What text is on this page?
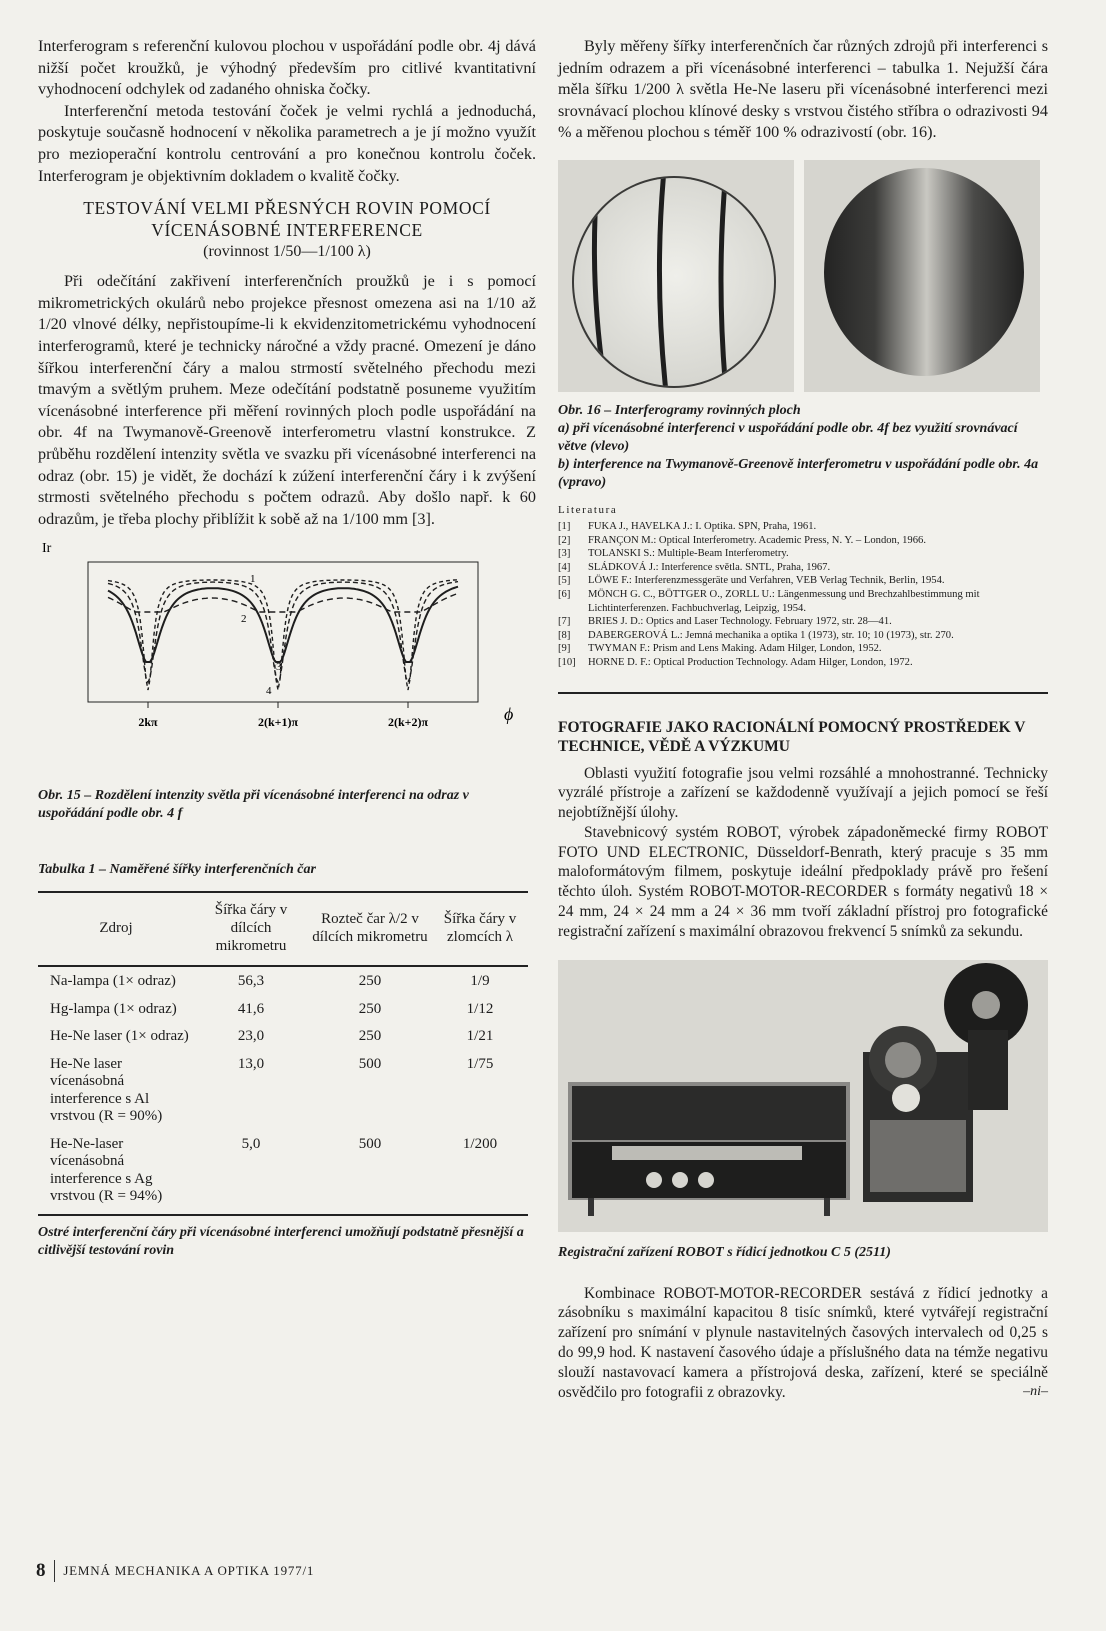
Interferogram s referenční kulovou plochou v uspořádání podle obr. 4j dává nižší počet kroužků, je výhodný především pro citlivé kvantitativní vyhodnocení odchylek od zadaného ohniska čočky.

Interferenční metoda testování čoček je velmi rychlá a jednoduchá, poskytuje současně hodnocení v několika parametrech a je jí možno využít pro mezioperační kontrolu centrování a pro konečnou kontrolu čoček. Interferogram je objektivním dokladem o kvalitě čočky.

TESTOVÁNÍ VELMI PŘESNÝCH ROVIN POMOCÍ
VÍCENÁSOBNÉ INTERFERENCE
(rovinnost 1/50—1/100 λ)

Při odečítání zakřivení interferenčních proužků je i s pomocí mikrometrických okulárů nebo projekce přesnost omezena asi na 1/10 až 1/20 vlnové délky, nepřistoupíme-li k ekvidenzitometrickému vyhodnocení interferogramů, které je technicky náročné a vždy pracné. Omezení je dáno šířkou interferenční čáry a malou strmostí světelného přechodu mezi tmavým a světlým pruhem. Meze odečítání podstatně posuneme využitím vícenásobné interference při měření rovinných ploch podle uspořádání na obr. 4f na Twymanově-Greenově interferometru vlastní konstrukce. Z průběhu rozdělení intenzity světla ve svazku při vícenásobné interferenci na odraz (obr. 15) je vidět, že dochází k zúžení interferenční čáry i k zvýšení strmosti světelného přechodu s počtem odrazů. Aby došlo např. k 60 odrazům, je třeba plochy přiblížit k sobě až na 1/100 mm [3].

Ir
ϕ
2kπ	2(k+1)π	2(k+2)π
1
2
3
4
Obr. 15 – Rozdělení intenzity světla při vícenásobné interferenci na odraz v uspořádání podle obr. 4 f
Tabulka 1 – Naměřené šířky interferenčních čar
Zdroj	Šířka čáry v dílcích mikrometru	Rozteč čar λ/2 v dílcích mikrometru	Šířka čáry v zlomcích λ
Na-lampa (1× odraz)	56,3	250	1/9
Hg-lampa (1× odraz)	41,6	250	1/12
He-Ne laser (1× odraz)	23,0	250	1/21
He-Ne laser vícenásobná interference s Al vrstvou (R = 90%)	13,0	500	1/75
He-Ne-laser vícenásobná interference s Ag vrstvou (R = 94%)	5,0	500	1/200
Ostré interferenční čáry při vícenásobné interferenci umožňují podstatně přesnější a citlivější testování rovin

Byly měřeny šířky interferenčních čar různých zdrojů při interferenci s jedním odrazem a při vícenásobné interferenci – tabulka 1. Nejužší čára měla šířku 1/200 λ světla He-Ne laseru při vícenásobné interferenci mezi srovnávací plochou klínové desky s vrstvou čistého stříbra o odrazivosti 94 % a měřenou plochou s téměř 100 % odrazivostí (obr. 16).

Obr. 16 – Interferogramy rovinných ploch
a) při vícenásobné interferenci v uspořádání podle obr. 4f bez využití srovnávací větve (vlevo)
b) interference na Twymanově-Greenově interferometru v uspořádání podle obr. 4a (vpravo)
Literatura
[1]	FUKA J., HAVELKA J.: I. Optika. SPN, Praha, 1961.
[2]	FRANÇON M.: Optical Interferometry. Academic Press, N. Y. – London, 1966.
[3]	TOLANSKI S.: Multiple-Beam Interferometry.
[4]	SLÁDKOVÁ J.: Interference světla. SNTL, Praha, 1967.
[5]	LÖWE F.: Interferenzmessgeräte und Verfahren, VEB Verlag Technik, Berlin, 1954.
[6]	MÖNCH G. C., BÖTTGER O., ZORLL U.: Längenmessung und Brechzahlbestimmung mit Lichtinterferenzen. Fachbuchverlag, Leipzig, 1954.
[7]	BRIES J. D.: Optics and Laser Technology. February 1972, str. 28—41.
[8]	DABERGEROVÁ L.: Jemná mechanika a optika 1 (1973), str. 10; 10 (1973), str. 270.
[9]	TWYMAN F.: Prism and Lens Making. Adam Hilger, London, 1952.
[10]	HORNE D. F.: Optical Production Technology. Adam Hilger, London, 1972.
FOTOGRAFIE JAKO RACIONÁLNÍ POMOCNÝ PROSTŘEDEK V TECHNICE, VĚDĚ A VÝZKUMU

Oblasti využití fotografie jsou velmi rozsáhlé a mnohostranné. Technicky vyzrálé přístroje a zařízení se každodenně využívají a jejich pomocí se řeší nejobtížnější úlohy.

Stavebnicový systém ROBOT, výrobek západoněmecké firmy ROBOT FOTO UND ELECTRONIC, Düsseldorf-Benrath, který pracuje s 35 mm maloformátovým filmem, poskytuje ideální předpoklady právě pro řešení těchto úloh. Systém ROBOT-MOTOR-RECORDER s formáty negativů 18 × 24 mm, 24 × 24 mm a 24 × 36 mm tvoří základní přístroj pro fotografické registrační zařízení s maximální obrazovou frekvencí 5 snímků za sekundu.

Registrační zařízení ROBOT s řídicí jednotkou C 5 (2511)

Kombinace ROBOT-MOTOR-RECORDER sestává z řídicí jednotky a zásobníku s maximální kapacitou 8 tisíc snímků, které vytvářejí registrační zařízení pro snímání v plynule nastavitelných časových intervalech od 0,25 s do 99,9 hod. K nastavení časového údaje a příslušného data na témže negativu slouží nastavovací kamera a přístrojová deska, zařízení, které se speciálně osvědčilo pro fotografii z obrazovky.	–ni–
8 JEMNÁ MECHANIKA A OPTIKA 1977/1
